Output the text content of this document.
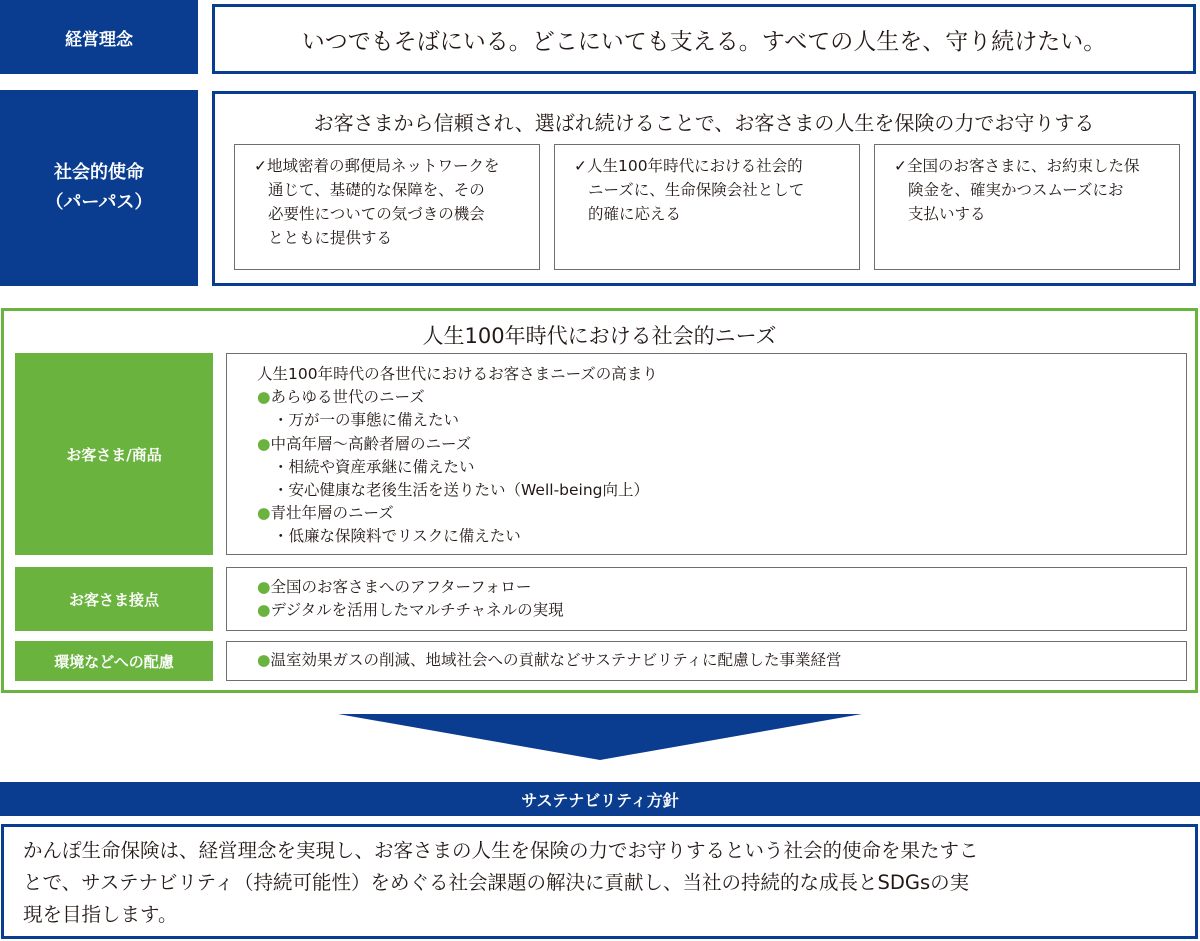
経営理念	いつでもそばにいる。どこにいても支える。すべての人生を、守り続けたい。
社会的使命
（パーパス）
お客さまから信頼され、選ばれ続けることで、お客さまの人生を保険の力でお守りする
✓地域密着の郵便局ネットワークを
通じて、基礎的な保障を、その
必要性についての気づきの機会
とともに提供する
✓人生100年時代における社会的
ニーズに、生命保険会社として
的確に応える
✓全国のお客さまに、お約束した保
険金を、確実かつスムーズにお
支払いする
人生100年時代における社会的ニーズ
お客さま/商品
人生100年時代の各世代におけるお客さまニーズの高まり
●あらゆる世代のニーズ
・万が一の事態に備えたい
●中高年層～高齢者層のニーズ
・相続や資産承継に備えたい
・安心健康な老後生活を送りたい（Well-being向上）
●青壮年層のニーズ
・低廉な保険料でリスクに備えたい
お客さま接点
●全国のお客さまへのアフターフォロー
●デジタルを活用したマルチチャネルの実現
環境などへの配慮	●温室効果ガスの削減、地域社会への貢献などサステナビリティに配慮した事業経営
サステナビリティ方針
かんぽ生命保険は、経営理念を実現し、お客さまの人生を保険の力でお守りするという社会的使命を果たすこ
とで、サステナビリティ（持続可能性）をめぐる社会課題の解決に貢献し、当社の持続的な成長とSDGsの実
現を目指します。
